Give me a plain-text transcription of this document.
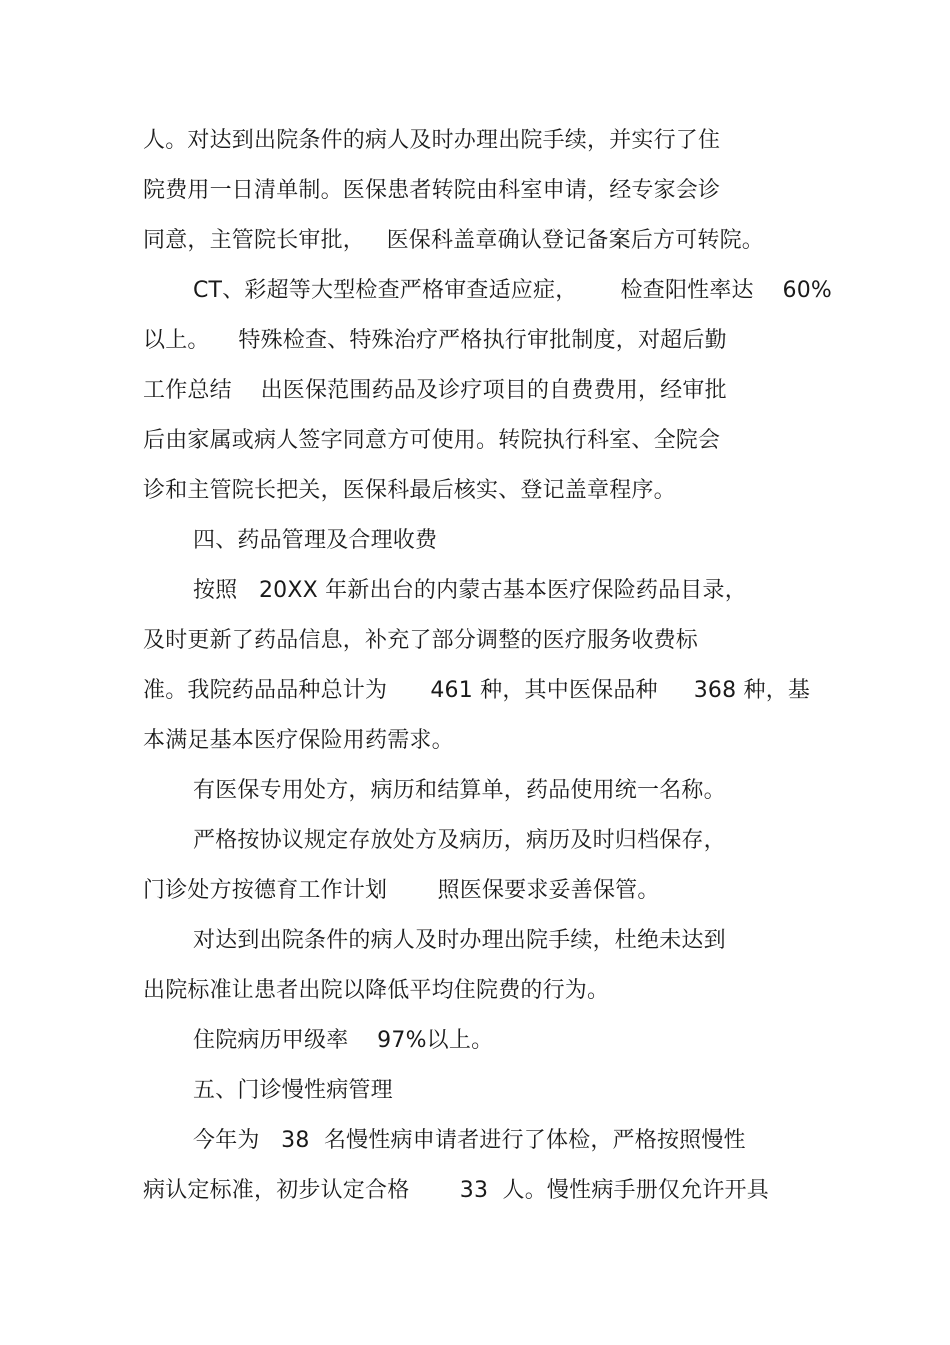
人。对达到出院条件的病人及时办理出院手续，并实行了住
院费用一日清单制。医保患者转院由科室申请，经专家会诊
同意，主管院长审批，   医保科盖章确认登记备案后方可转院。
CT、彩超等大型检查严格审查适应症，      检查阳性率达    60%
以上。    特殊检查、特殊治疗严格执行审批制度，对超后勤
工作总结    出医保范围药品及诊疗项目的自费费用，经审批
后由家属或病人签字同意方可使用。转院执行科室、全院会
诊和主管院长把关，医保科最后核实、登记盖章程序。
四、药品管理及合理收费
按照   20XX 年新出台的内蒙古基本医疗保险药品目录，
及时更新了药品信息，补充了部分调整的医疗服务收费标
准。我院药品品种总计为      461 种，其中医保品种     368 种，基
本满足基本医疗保险用药需求。
有医保专用处方，病历和结算单，药品使用统一名称。
严格按协议规定存放处方及病历，病历及时归档保存，
门诊处方按德育工作计划       照医保要求妥善保管。
对达到出院条件的病人及时办理出院手续，杜绝未达到
出院标准让患者出院以降低平均住院费的行为。
住院病历甲级率    97%以上。
五、门诊慢性病管理
今年为   38  名慢性病申请者进行了体检，严格按照慢性
病认定标准，初步认定合格       33  人。慢性病手册仅允许开具
